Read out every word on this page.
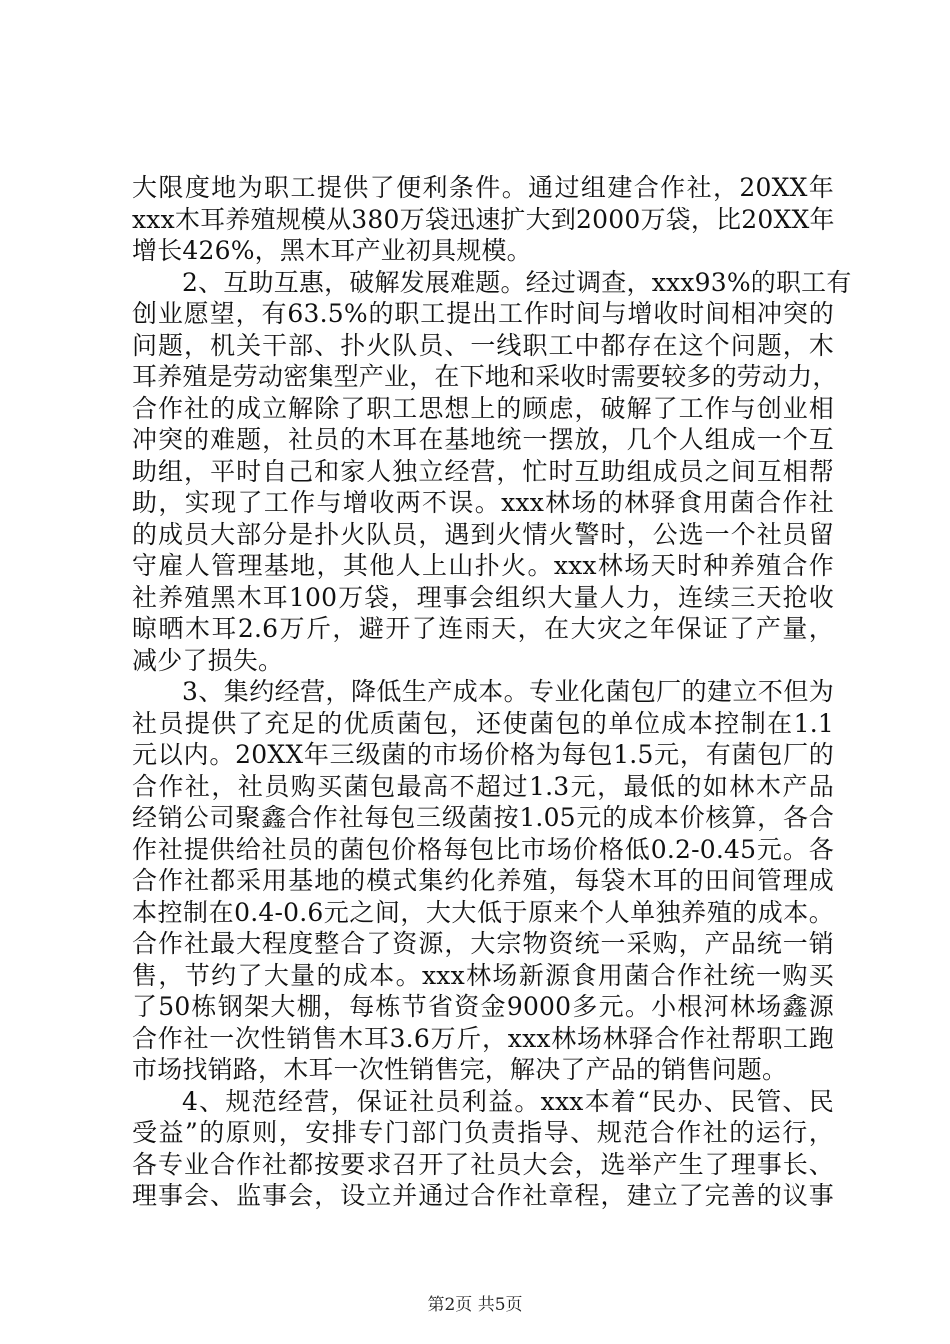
大限度地为职工提供了便利条件。通过组建合作社，20XX年
xxx木耳养殖规模从380万袋迅速扩大到2000万袋，比20XX年
增长426%，黑木耳产业初具规模。
2、互助互惠，破解发展难题。经过调查，xxx93%的职工有
创业愿望，有63.5%的职工提出工作时间与增收时间相冲突的
问题，机关干部、扑火队员、一线职工中都存在这个问题，木
耳养殖是劳动密集型产业，在下地和采收时需要较多的劳动力，
合作社的成立解除了职工思想上的顾虑，破解了工作与创业相
冲突的难题，社员的木耳在基地统一摆放，几个人组成一个互
助组，平时自己和家人独立经营，忙时互助组成员之间互相帮
助，实现了工作与增收两不误。xxx林场的林驿食用菌合作社
的成员大部分是扑火队员，遇到火情火警时，公选一个社员留
守雇人管理基地，其他人上山扑火。xxx林场天时种养殖合作
社养殖黑木耳100万袋，理事会组织大量人力，连续三天抢收
晾晒木耳2.6万斤，避开了连雨天，在大灾之年保证了产量，
减少了损失。
3、集约经营，降低生产成本。专业化菌包厂的建立不但为
社员提供了充足的优质菌包，还使菌包的单位成本控制在1.1
元以内。20XX年三级菌的市场价格为每包1.5元，有菌包厂的
合作社，社员购买菌包最高不超过1.3元，最低的如林木产品
经销公司聚鑫合作社每包三级菌按1.05元的成本价核算，各合
作社提供给社员的菌包价格每包比市场价格低0.2-0.45元。各
合作社都采用基地的模式集约化养殖，每袋木耳的田间管理成
本控制在0.4-0.6元之间，大大低于原来个人单独养殖的成本。
合作社最大程度整合了资源，大宗物资统一采购，产品统一销
售，节约了大量的成本。xxx林场新源食用菌合作社统一购买
了50栋钢架大棚，每栋节省资金9000多元。小根河林场鑫源
合作社一次性销售木耳3.6万斤，xxx林场林驿合作社帮职工跑
市场找销路，木耳一次性销售完，解决了产品的销售问题。
4、规范经营，保证社员利益。xxx本着“民办、民管、民
受益”的原则，安排专门部门负责指导、规范合作社的运行，
各专业合作社都按要求召开了社员大会，选举产生了理事长、
理事会、监事会，设立并通过合作社章程，建立了完善的议事
第2页 共5页
